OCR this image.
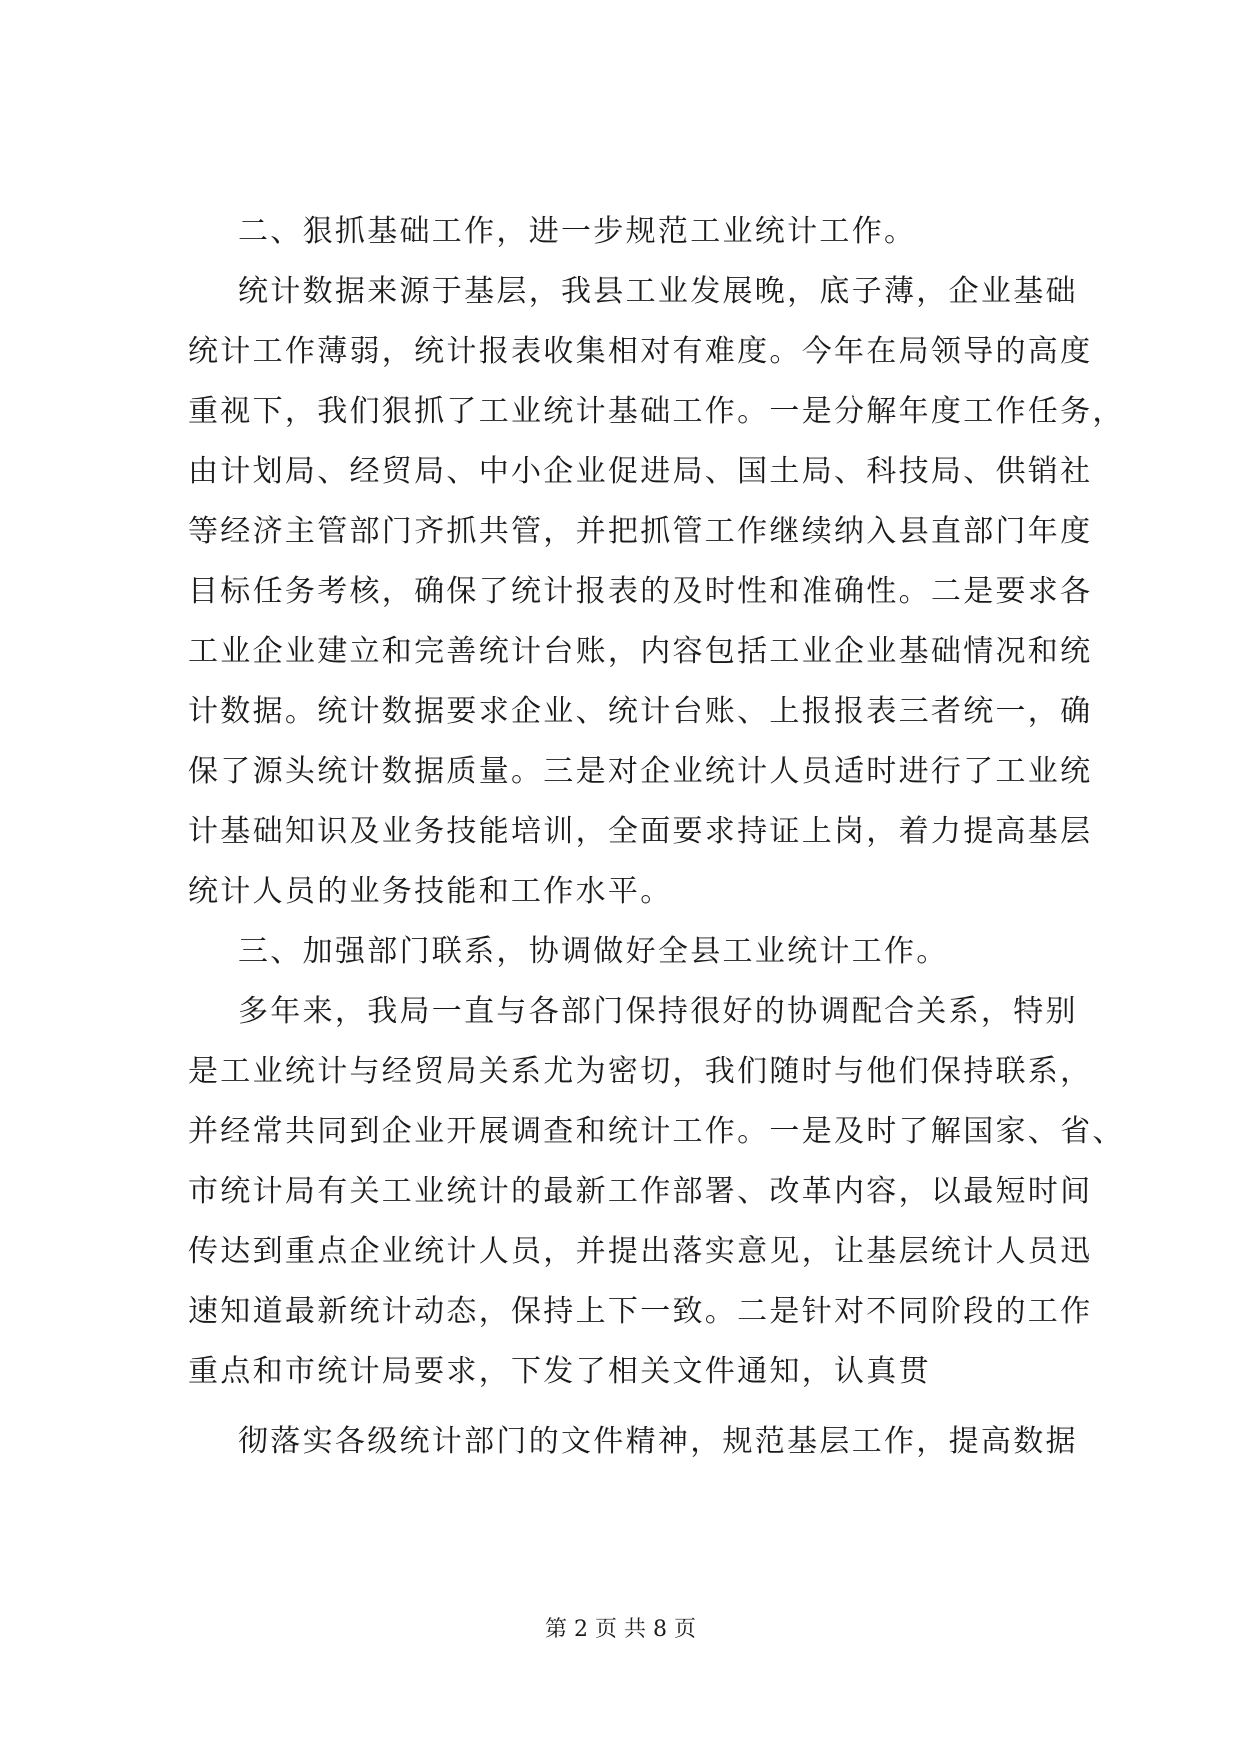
二、狠抓基础工作，进一步规范工业统计工作。
统计数据来源于基层，我县工业发展晚，底子薄，企业基础
统计工作薄弱，统计报表收集相对有难度。今年在局领导的高度
重视下，我们狠抓了工业统计基础工作。一是分解年度工作任务，
由计划局、经贸局、中小企业促进局、国土局、科技局、供销社
等经济主管部门齐抓共管，并把抓管工作继续纳入县直部门年度
目标任务考核，确保了统计报表的及时性和准确性。二是要求各
工业企业建立和完善统计台账，内容包括工业企业基础情况和统
计数据。统计数据要求企业、统计台账、上报报表三者统一，确
保了源头统计数据质量。三是对企业统计人员适时进行了工业统
计基础知识及业务技能培训，全面要求持证上岗，着力提高基层
统计人员的业务技能和工作水平。
三、加强部门联系，协调做好全县工业统计工作。
多年来，我局一直与各部门保持很好的协调配合关系，特别
是工业统计与经贸局关系尤为密切，我们随时与他们保持联系，
并经常共同到企业开展调查和统计工作。一是及时了解国家、省、
市统计局有关工业统计的最新工作部署、改革内容，以最短时间
传达到重点企业统计人员，并提出落实意见，让基层统计人员迅
速知道最新统计动态，保持上下一致。二是针对不同阶段的工作
重点和市统计局要求，下发了相关文件通知，认真贯
彻落实各级统计部门的文件精神，规范基层工作，提高数据
第 2 页 共 8 页
